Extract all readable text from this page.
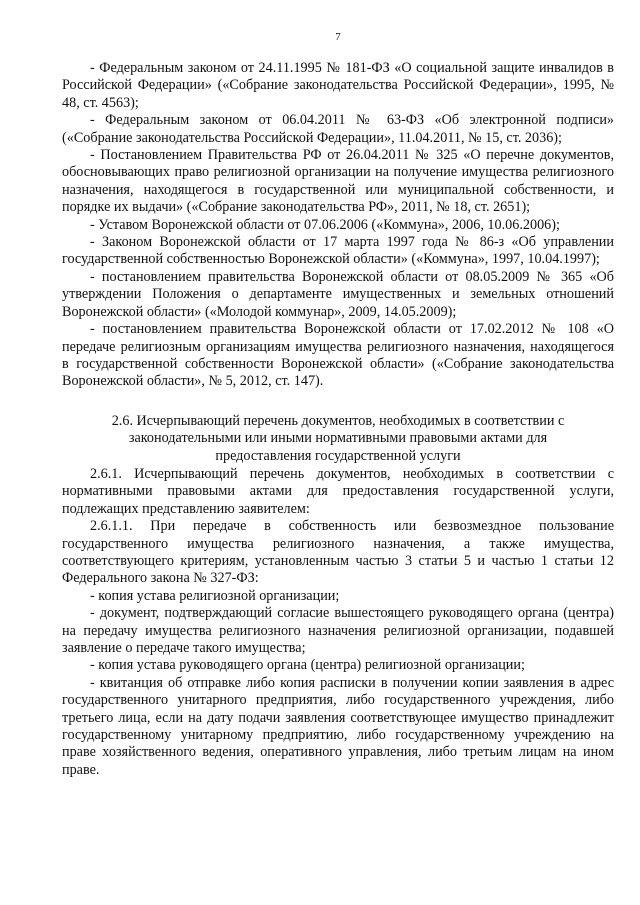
7

- Федеральным законом от 24.11.1995 № 181-ФЗ «О социальной защите инвалидов в Российской Федерации» («Собрание законодательства Российской Федерации», 1995, № 48, ст. 4563);

- Федеральным законом от 06.04.2011 № 63-ФЗ «Об электронной подписи» («Собрание законодательства Российской Федерации», 11.04.2011, № 15, ст. 2036);

- Постановлением Правительства РФ от 26.04.2011 № 325 «О перечне документов, обосновывающих право религиозной организации на получение имущества религиозного назначения, находящегося в государственной или муниципальной собственности, и порядке их выдачи» («Собрание законодательства РФ», 2011, № 18, ст. 2651);

- Уставом Воронежской области от 07.06.2006 («Коммуна», 2006, 10.06.2006);

- Законом Воронежской области от 17 марта 1997 года № 86-з «Об управлении государственной собственностью Воронежской области» («Коммуна», 1997, 10.04.1997);

- постановлением правительства Воронежской области от 08.05.2009 № 365 «Об утверждении Положения о департаменте имущественных и земельных отношений Воронежской области» («Молодой коммунар», 2009, 14.05.2009);

- постановлением правительства Воронежской области от 17.02.2012 № 108 «О передаче религиозным организациям имущества религиозного назначения, находящегося в государственной собственности Воронежской области» («Собрание законодательства Воронежской области», № 5, 2012, ст. 147).

2.6. Исчерпывающий перечень документов, необходимых в соответствии с законодательными или иными нормативными правовыми актами для предоставления государственной услуги

2.6.1. Исчерпывающий перечень документов, необходимых в соответствии с нормативными правовыми актами для предоставления государственной услуги, подлежащих представлению заявителем:

2.6.1.1. При передаче в собственность или безвозмездное пользование государственного имущества религиозного назначения, а также имущества, соответствующего критериям, установленным частью 3 статьи 5 и частью 1 статьи 12 Федерального закона № 327-ФЗ:

- копия устава религиозной организации;

- документ, подтверждающий согласие вышестоящего руководящего органа (центра) на передачу имущества религиозного назначения религиозной организации, подавшей заявление о передаче такого имущества;

- копия устава руководящего органа (центра) религиозной организации;

- квитанция об отправке либо копия расписки в получении копии заявления в адрес государственного унитарного предприятия, либо государственного учреждения, либо третьего лица, если на дату подачи заявления соответствующее имущество принадлежит государственному унитарному предприятию, либо государственному учреждению на праве хозяйственного ведения, оперативного управления, либо третьим лицам на ином праве.
